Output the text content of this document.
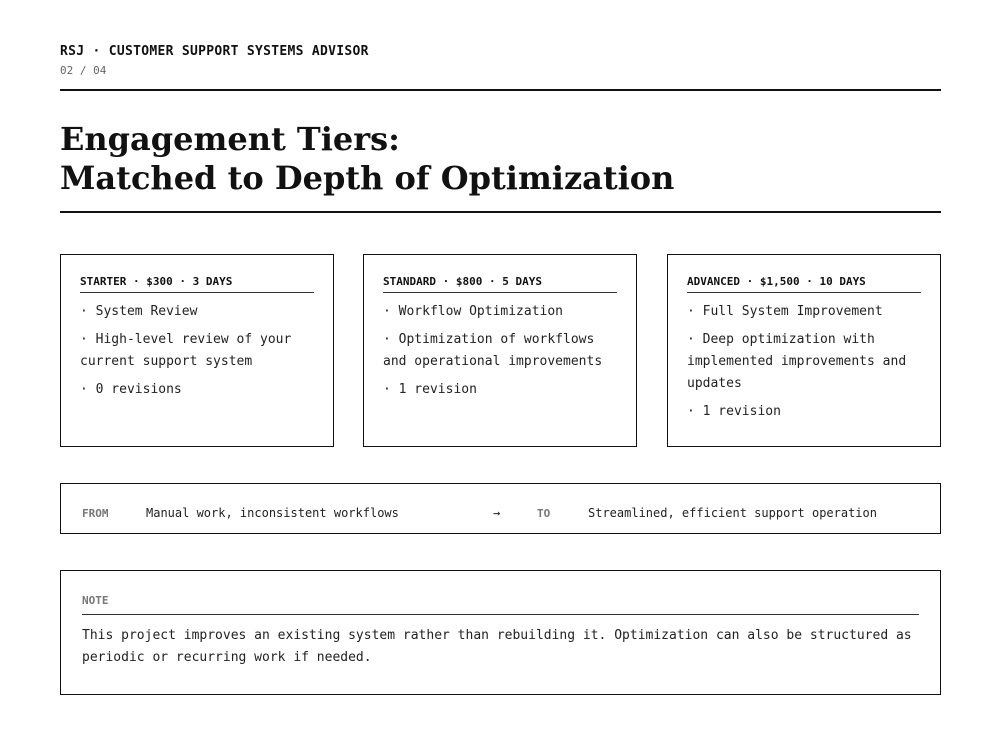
RSJ · CUSTOMER SUPPORT SYSTEMS ADVISOR
02 / 04
Engagement Tiers:
Matched to Depth of Optimization
STARTER · $300 · 3 DAYS
· System Review
· High-level review of your current support system
· 0 revisions
STANDARD · $800 · 5 DAYS
· Workflow Optimization
· Optimization of workflows and operational improvements
· 1 revision
ADVANCED · $1,500 · 10 DAYS
· Full System Improvement
· Deep optimization with implemented improvements and updates
· 1 revision
FROM	Manual work, inconsistent workflows	→	TO	Streamlined, efficient support operation
NOTE
This project improves an existing system rather than rebuilding it. Optimization can also be structured as periodic or recurring work if needed.
